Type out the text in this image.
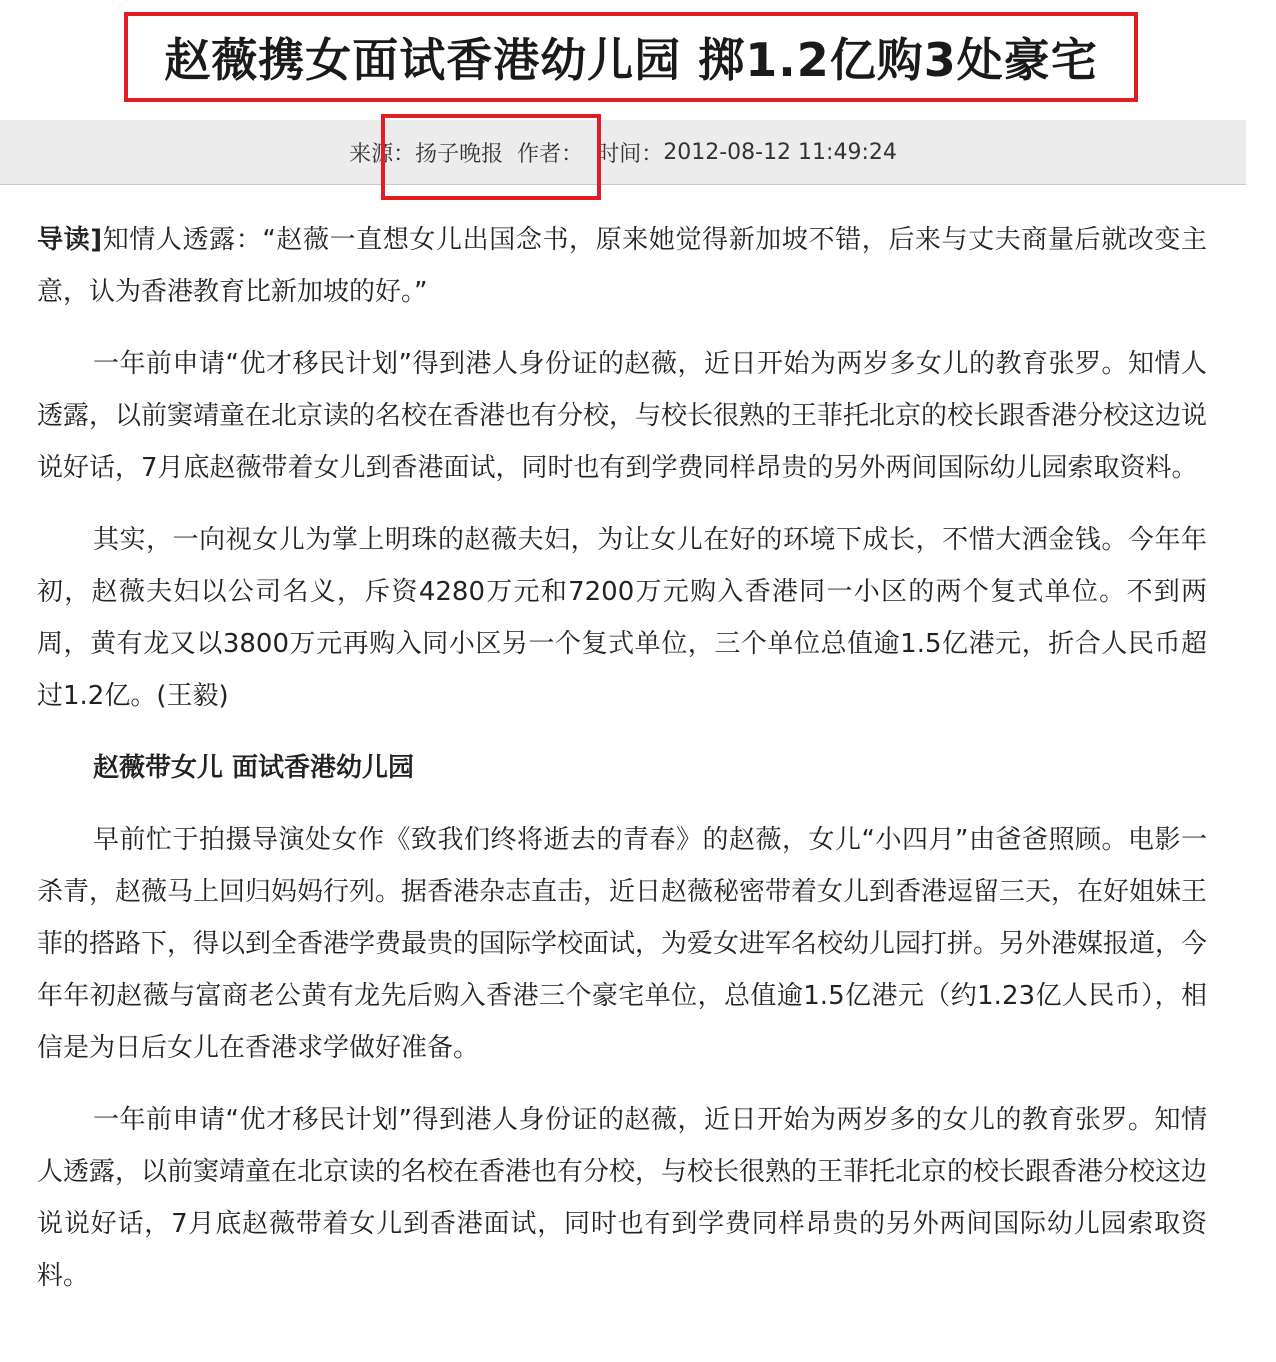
赵薇携女面试香港幼儿园 掷1.2亿购3处豪宅
来源： 扬子晚报 作者： 时间： 2012-08-12 11:49:24

导读]知情人透露：“赵薇一直想女儿出国念书，原来她觉得新加坡不错，后来与丈夫商量后就改变主意，认为香港教育比新加坡的好。”

一年前申请“优才移民计划”得到港人身份证的赵薇，近日开始为两岁多女儿的教育张罗。知情人透露，以前窦靖童在北京读的名校在香港也有分校，与校长很熟的王菲托北京的校长跟香港分校这边说说好话，7月底赵薇带着女儿到香港面试，同时也有到学费同样昂贵的另外两间国际幼儿园索取资料。

其实，一向视女儿为掌上明珠的赵薇夫妇，为让女儿在好的环境下成长，不惜大洒金钱。今年年初，赵薇夫妇以公司名义，斥资4280万元和7200万元购入香港同一小区的两个复式单位。不到两周，黄有龙又以3800万元再购入同小区另一个复式单位，三个单位总值逾1.5亿港元，折合人民币超过1.2亿。(王毅)

赵薇带女儿 面试香港幼儿园

早前忙于拍摄导演处女作《致我们终将逝去的青春》的赵薇，女儿“小四月”由爸爸照顾。电影一杀青，赵薇马上回归妈妈行列。据香港杂志直击，近日赵薇秘密带着女儿到香港逗留三天，在好姐妹王菲的搭路下，得以到全香港学费最贵的国际学校面试，为爱女进军名校幼儿园打拼。另外港媒报道，今年年初赵薇与富商老公黄有龙先后购入香港三个豪宅单位，总值逾1.5亿港元（约1.23亿人民币），相信是为日后女儿在香港求学做好准备。

一年前申请“优才移民计划”得到港人身份证的赵薇，近日开始为两岁多的女儿的教育张罗。知情人透露，以前窦靖童在北京读的名校在香港也有分校，与校长很熟的王菲托北京的校长跟香港分校这边说说好话，7月底赵薇带着女儿到香港面试，同时也有到学费同样昂贵的另外两间国际幼儿园索取资料。
